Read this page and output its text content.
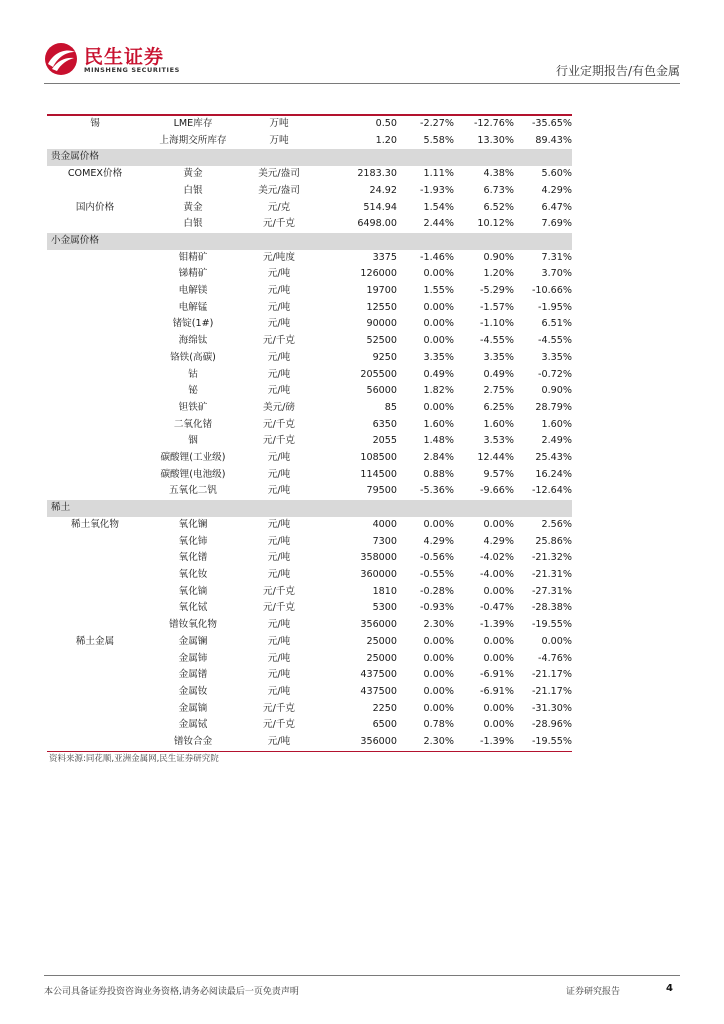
民生证券
MINSHENG SECURITIES	行业定期报告/有色金属
锡	LME库存	万吨	0.50	-2.27%	-12.76%	-35.65%
	上海期交所库存	万吨	1.20	5.58%	13.30%	89.43%
贵金属价格						
COMEX价格	黄金	美元/盎司	2183.30	1.11%	4.38%	5.60%
	白银	美元/盎司	24.92	-1.93%	6.73%	4.29%
国内价格	黄金	元/克	514.94	1.54%	6.52%	6.47%
	白银	元/千克	6498.00	2.44%	10.12%	7.69%
小金属价格						
	钼精矿	元/吨度	3375	-1.46%	0.90%	7.31%
	锑精矿	元/吨	126000	0.00%	1.20%	3.70%
	电解镁	元/吨	19700	1.55%	-5.29%	-10.66%
	电解锰	元/吨	12550	0.00%	-1.57%	-1.95%
	锗锭(1#)	元/吨	90000	0.00%	-1.10%	6.51%
	海绵钛	元/千克	52500	0.00%	-4.55%	-4.55%
	铬铁(高碳)	元/吨	9250	3.35%	3.35%	3.35%
	钴	元/吨	205500	0.49%	0.49%	-0.72%
	铋	元/吨	56000	1.82%	2.75%	0.90%
	钽铁矿	美元/磅	85	0.00%	6.25%	28.79%
	二氧化锗	元/千克	6350	1.60%	1.60%	1.60%
	铟	元/千克	2055	1.48%	3.53%	2.49%
	碳酸锂(工业级)	元/吨	108500	2.84%	12.44%	25.43%
	碳酸锂(电池级)	元/吨	114500	0.88%	9.57%	16.24%
	五氧化二钒	元/吨	79500	-5.36%	-9.66%	-12.64%
稀土						
稀土氧化物	氧化镧	元/吨	4000	0.00%	0.00%	2.56%
	氧化铈	元/吨	7300	4.29%	4.29%	25.86%
	氧化镨	元/吨	358000	-0.56%	-4.02%	-21.32%
	氧化钕	元/吨	360000	-0.55%	-4.00%	-21.31%
	氧化镝	元/千克	1810	-0.28%	0.00%	-27.31%
	氧化铽	元/千克	5300	-0.93%	-0.47%	-28.38%
	镨钕氧化物	元/吨	356000	2.30%	-1.39%	-19.55%
稀土金属	金属镧	元/吨	25000	0.00%	0.00%	0.00%
	金属铈	元/吨	25000	0.00%	0.00%	-4.76%
	金属镨	元/吨	437500	0.00%	-6.91%	-21.17%
	金属钕	元/吨	437500	0.00%	-6.91%	-21.17%
	金属镝	元/千克	2250	0.00%	0.00%	-31.30%
	金属铽	元/千克	6500	0.78%	0.00%	-28.96%
	镨钕合金	元/吨	356000	2.30%	-1.39%	-19.55%
资料来源:同花顺,亚洲金属网,民生证券研究院
本公司具备证券投资咨询业务资格,请务必阅读最后一页免责声明	证券研究报告	4
